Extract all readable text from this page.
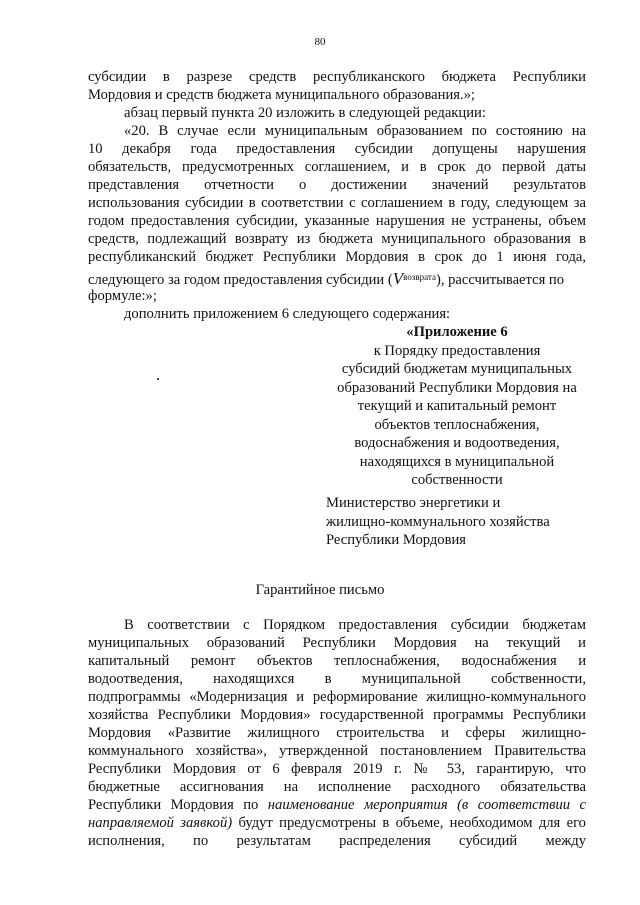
80
субсидии в разрезе средств республиканского бюджета Республики
Мордовия и средств бюджета муниципального образования.»;
абзац первый пункта 20 изложить в следующей редакции:
«20. В случае если муниципальным образованием по состоянию на
10 декабря года предоставления субсидии допущены нарушения
обязательств, предусмотренных соглашением, и в срок до первой даты
представления отчетности о достижении значений результатов
использования субсидии в соответствии с соглашением в году, следующем за
годом предоставления субсидии, указанные нарушения не устранены, объем
средств, подлежащий возврату из бюджета муниципального образования в
республиканский бюджет Республики Мордовия в срок до 1 июня года,
следующего за годом предоставления субсидии $(V^{возврата})$, рассчитывается по
формуле:»;
дополнить приложением 6 следующего содержания:
«Приложение 6
к Порядку предоставления
субсидий бюджетам муниципальных
образований Республики Мордовия на
текущий и капитальный ремонт
объектов теплоснабжения,
водоснабжения и водоотведения,
находящихся в муниципальной
собственности
Министерство энергетики и
жилищно-коммунального хозяйства
Республики Мордовия
Гарантийное письмо
В соответствии с Порядком предоставления субсидии бюджетам
муниципальных образований Республики Мордовия на текущий и
капитальный ремонт объектов теплоснабжения, водоснабжения и
водоотведения, находящихся в муниципальной собственности,
подпрограммы «Модернизация и реформирование жилищно-коммунального
хозяйства Республики Мордовия» государственной программы Республики
Мордовия «Развитие жилищного строительства и сферы жилищно-
коммунального хозяйства», утвержденной постановлением Правительства
Республики Мордовия от 6 февраля 2019 г. № 53, гарантирую, что
бюджетные ассигнования на исполнение расходного обязательства
Республики Мордовия по наименование мероприятия (в соответствии с
направляемой заявкой) будут предусмотрены в объеме, необходимом для его
исполнения, по результатам распределения субсидий между
